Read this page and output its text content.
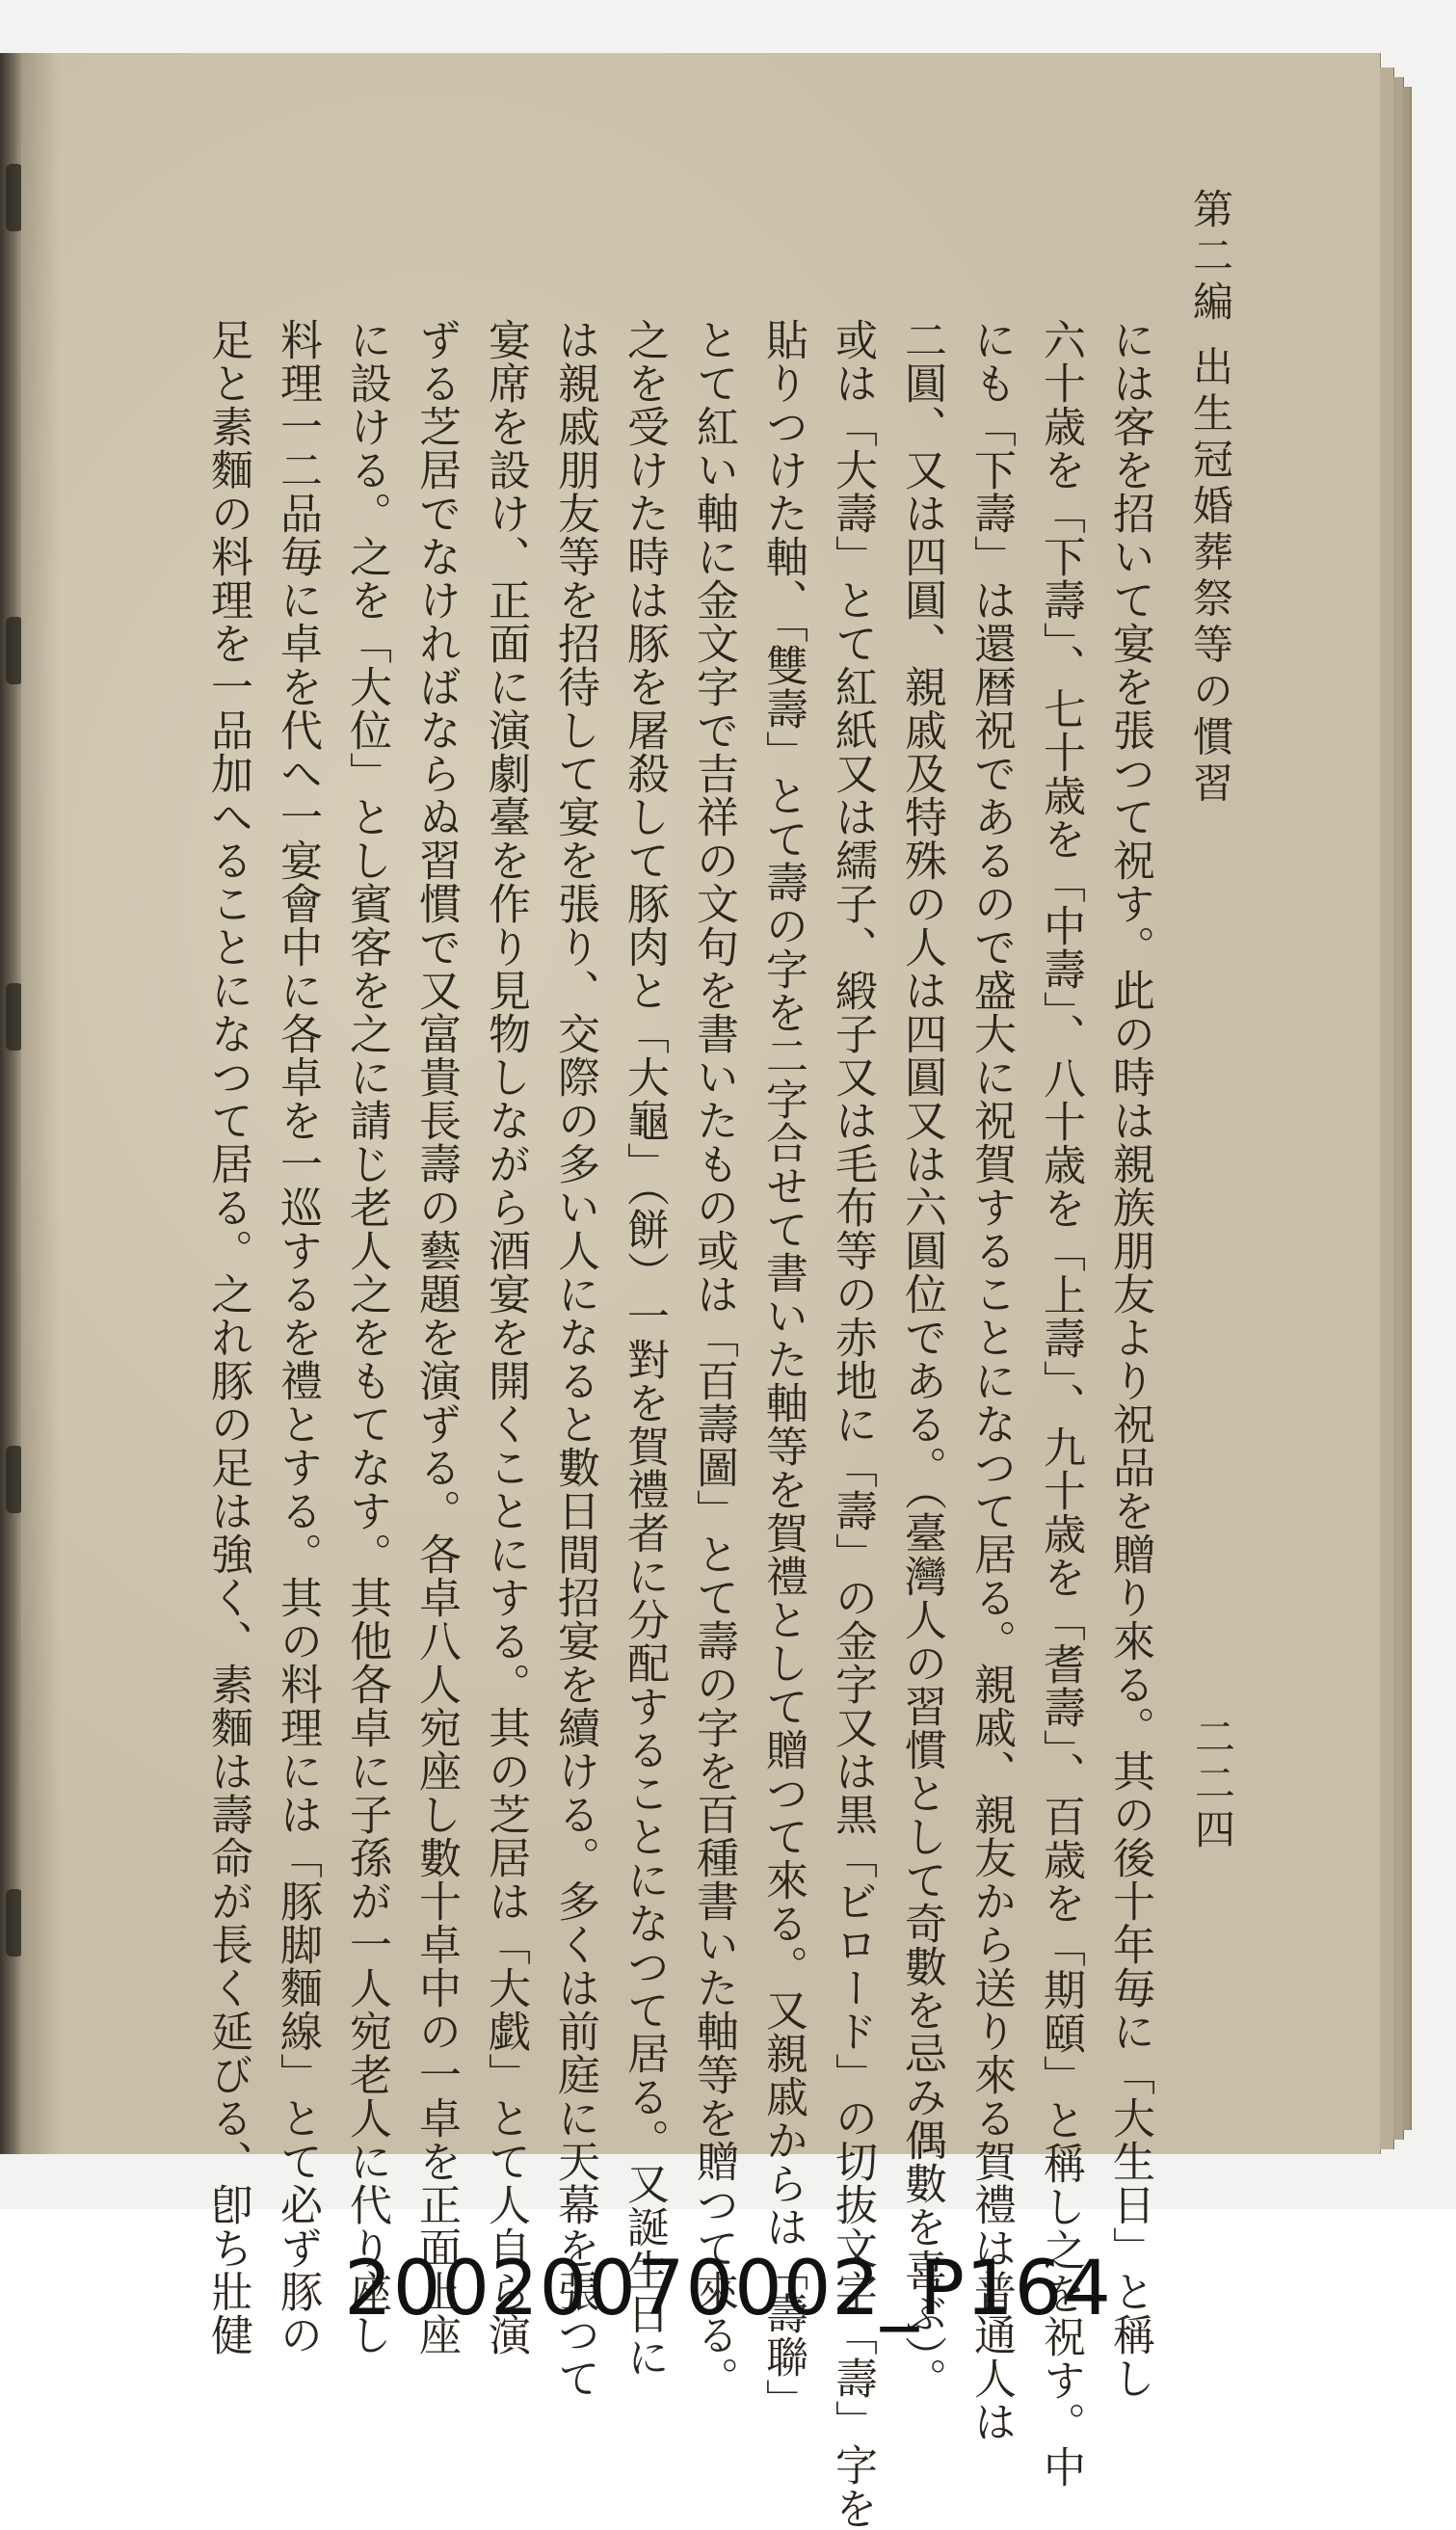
第二編 出生冠婚葬祭等の慣習
二二四
には客を招いて宴を張つて祝す。此の時は親族朋友より祝品を贈り來る。其の後十年毎に「大生日」と稱し
六十歳を「下壽」、七十歳を「中壽」、八十歳を「上壽」、九十歳を「耆壽」、百歳を「期頤」と稱し之を祝す。中
にも「下壽」は還暦祝であるので盛大に祝賀することになつて居る。親戚、親友から送り來る賀禮は普通人は
二圓、又は四圓、親戚及特殊の人は四圓又は六圓位である。（臺灣人の習慣として奇數を忌み偶數を喜ぶ）。
或は「大壽」とて紅紙又は繻子、緞子又は毛布等の赤地に「壽」の金字又は黒「ビロード」の切抜文字「壽」字を
貼りつけた軸、「雙壽」とて壽の字を二字合せて書いた軸等を賀禮として贈つて來る。又親戚からは「壽聯」
とて紅い軸に金文字で吉祥の文句を書いたもの或は「百壽圖」とて壽の字を百種書いた軸等を贈つて來る。
之を受けた時は豚を屠殺して豚肉と「大龜」（餅）一對を賀禮者に分配することになつて居る。又誕生日に
は親戚朋友等を招待して宴を張り、交際の多い人になると數日間招宴を續ける。多くは前庭に天幕を張つて
宴席を設け、正面に演劇臺を作り見物しながら酒宴を開くことにする。其の芝居は「大戯」とて人自ら演
ずる芝居でなければならぬ習慣で又富貴長壽の藝題を演ずる。各卓八人宛座し數十卓中の一卓を正面上座
に設ける。之を「大位」とし賓客を之に請じ老人之をもてなす。其他各卓に子孫が一人宛老人に代り座し
料理一二品毎に卓を代へ一宴會中に各卓を一巡するを禮とする。其の料理には「豚脚麵線」とて必ず豚の
足と素麵の料理を一品加へることになつて居る。之れ豚の足は強く、素麵は壽命が長く延びる、卽ち壯健	20020070002_P164
